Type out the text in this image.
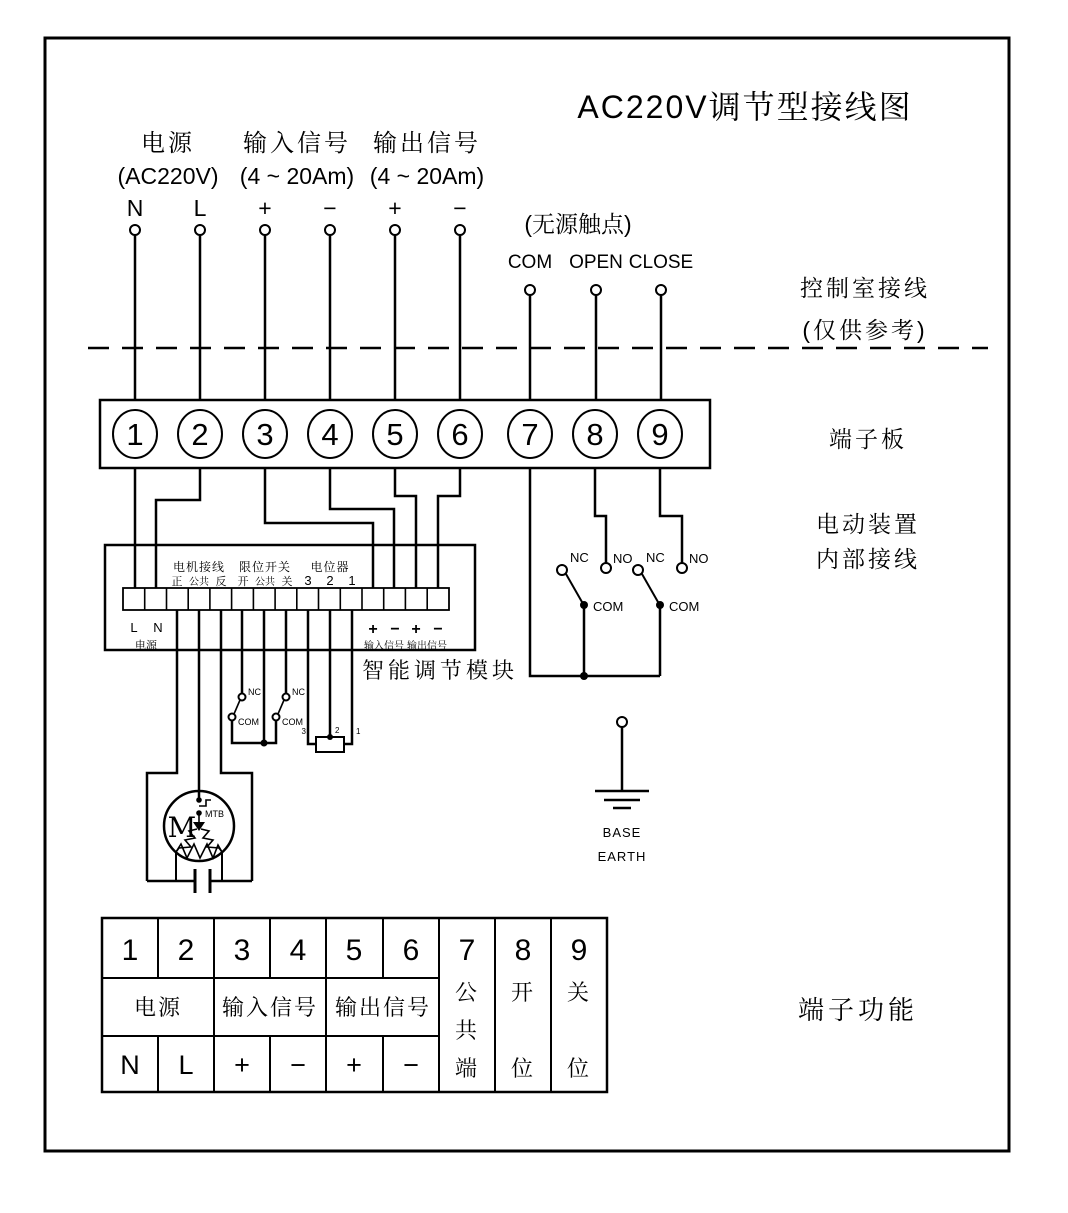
AC220V调节型接线图
电源
(AC220V)
输入信号
(4 ~ 20Am)
输出信号
(4 ~ 20Am)
N L + − + −
(无源触点)
COM OPEN CLOSE
控制室接线
(仅供参考)
端子板
电动装置
内部接线
1 2 3 4 5 6 7 8 9
NC NO
COM
NC NO
COM
电机接线
正 公共 反
限位开关
开 公共 关
电位器
3 2 1
L N
电源
+ − + −
输入信号 输出信号
智能调节模块
NC
COM
NC
COM
3	2 1
M MTB
BASE
EARTH
1 2 3 4 5 6 7 8 9
电源 输入信号 输出信号
N L + − + −
公
共
端
开
位
关
位
端子功能
